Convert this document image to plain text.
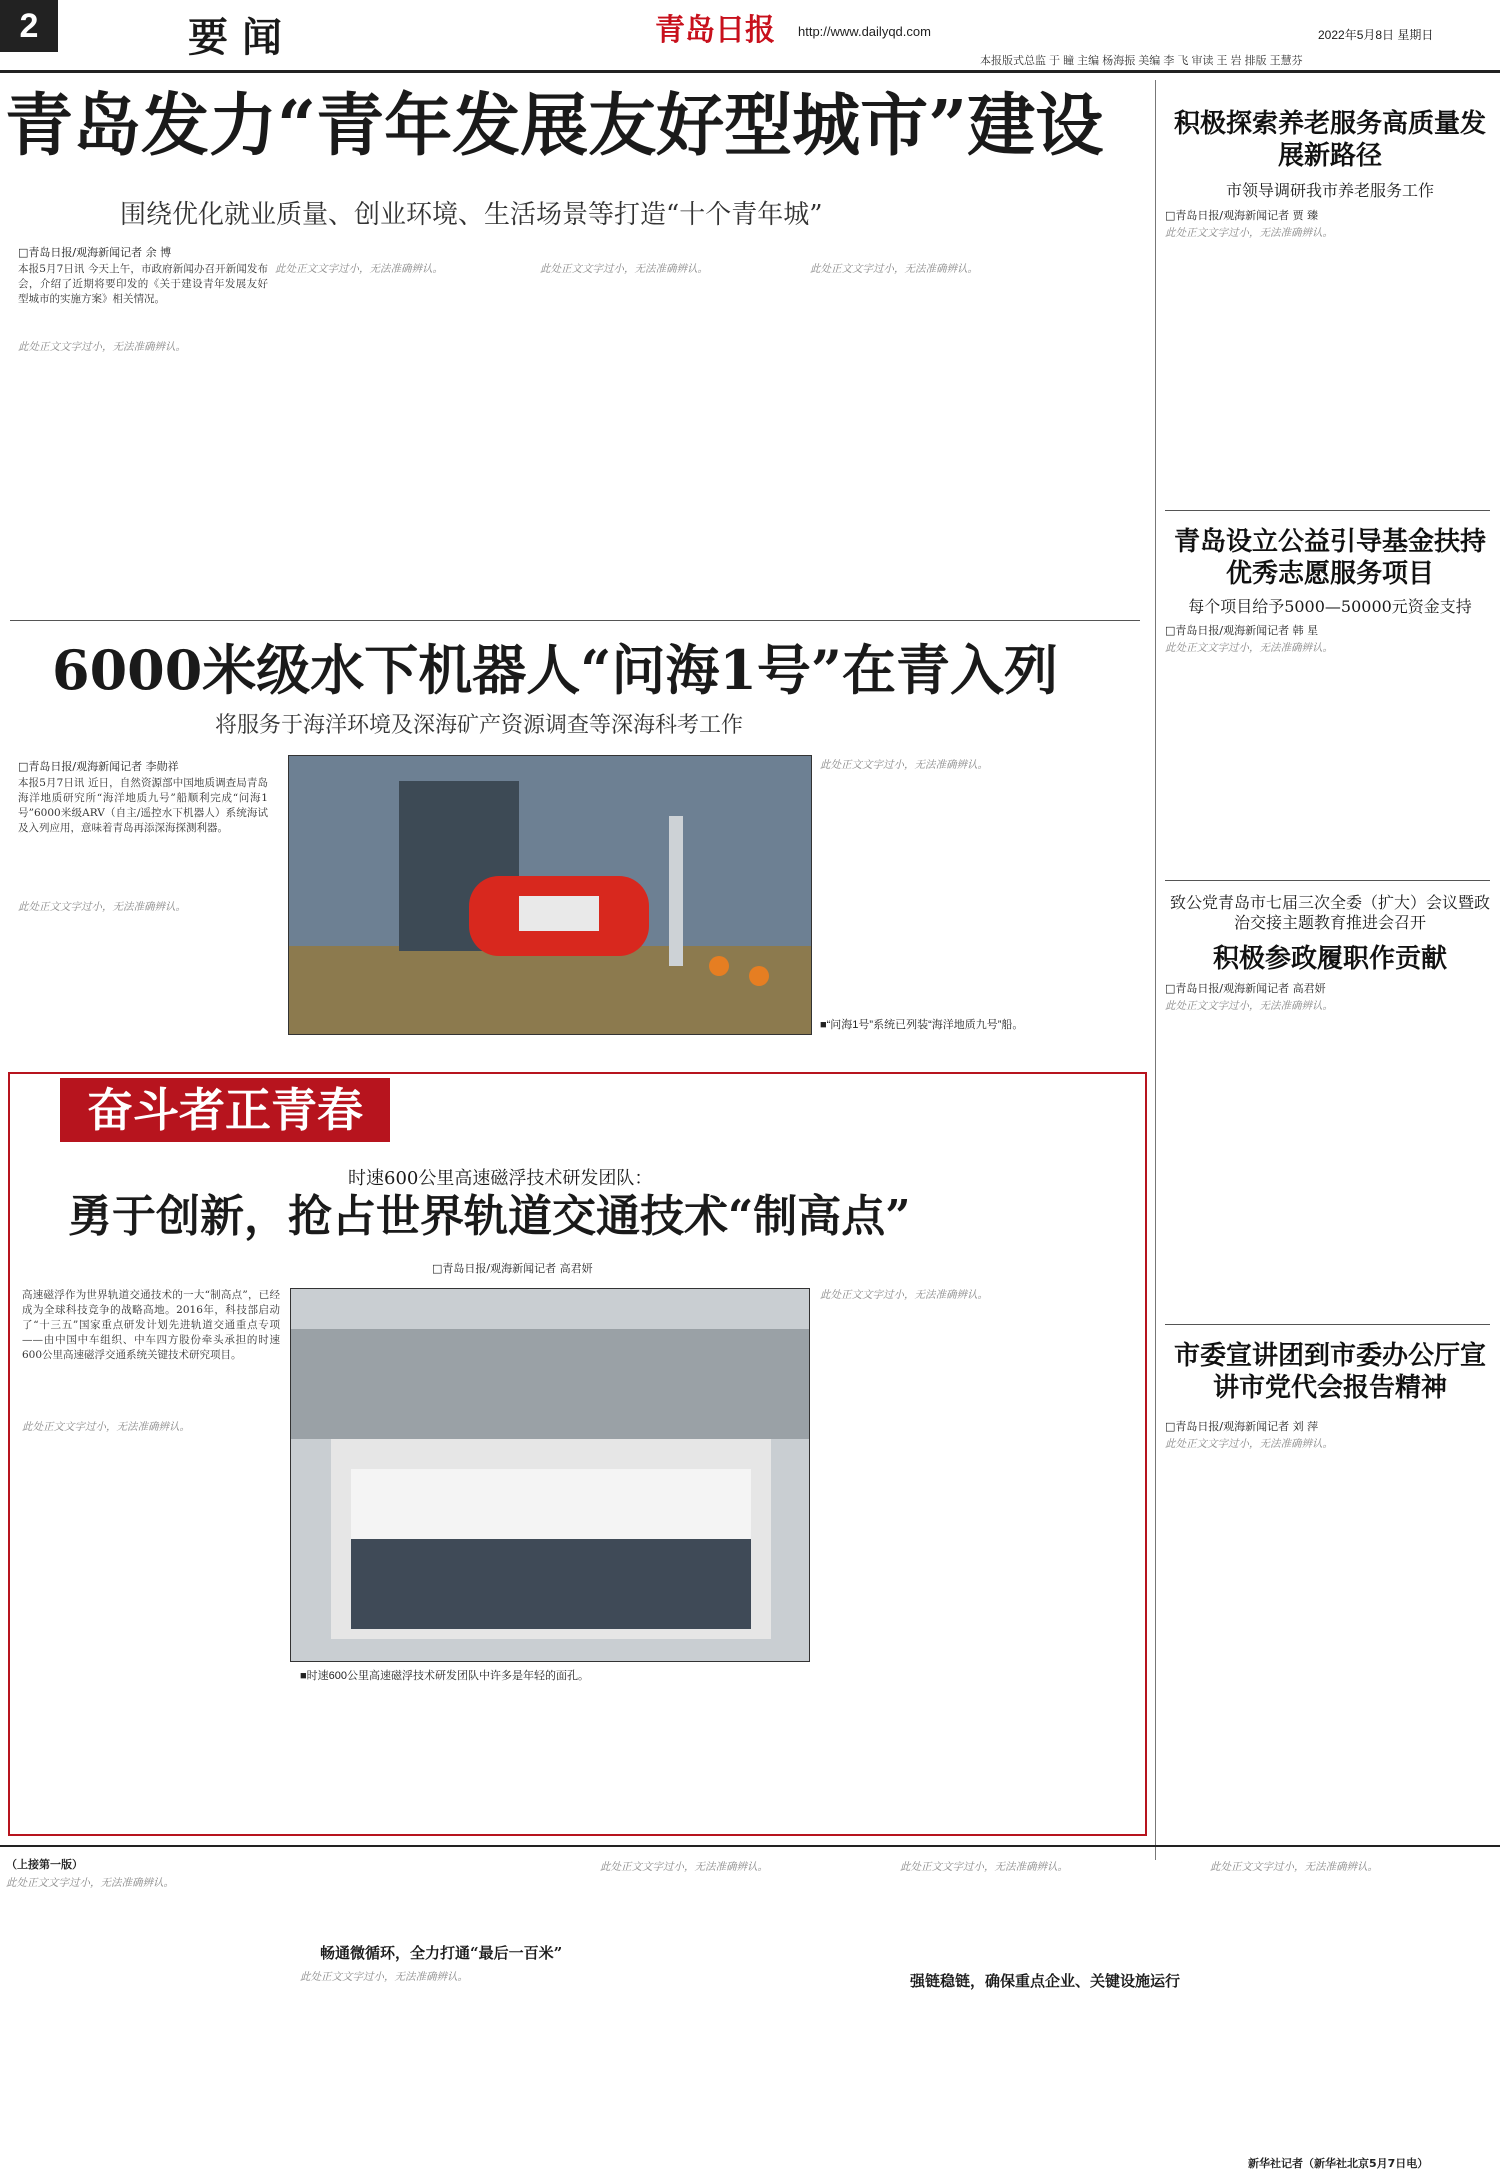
2	要闻	青岛日报 http://www.dailyqd.com	2022年5月8日 星期日
本报版式总监 于 瞳 主编 杨海振 美编 李 飞 审读 王 岩 排版 王慧芬
青岛发力“青年发展友好型城市”建设
围绕优化就业质量、创业环境、生活场景等打造“十个青年城”
□青岛日报/观海新闻记者 余 博

本报5月7日讯 今天上午，市政府新闻办召开新闻发布会，介绍了近期将要印发的《关于建设青年发展友好型城市的实施方案》相关情况。

此处正文文字过小，无法准确辨认。

此处正文文字过小，无法准确辨认。	此处正文文字过小，无法准确辨认。	此处正文文字过小，无法准确辨认。

6000米级水下机器人“问海1号”在青入列
将服务于海洋环境及深海矿产资源调查等深海科考工作
□青岛日报/观海新闻记者 李勋祥

本报5月7日讯 近日，自然资源部中国地质调查局青岛海洋地质研究所“海洋地质九号”船顺利完成“问海1号”6000米级ARV（自主/遥控水下机器人）系统海试及入列应用，意味着青岛再添深海探测利器。

此处正文文字过小，无法准确辨认。

此处正文文字过小，无法准确辨认。

■“问海1号”系统已列装“海洋地质九号”船。
奋斗者正青春
时速600公里高速磁浮技术研发团队：
勇于创新，抢占世界轨道交通技术“制高点”
□青岛日报/观海新闻记者 高君妍

高速磁浮作为世界轨道交通技术的一大“制高点”，已经成为全球科技竞争的战略高地。2016年，科技部启动了“十三五”国家重点研发计划先进轨道交通重点专项——由中国中车组织、中车四方股份牵头承担的时速600公里高速磁浮交通系统关键技术研究项目。

此处正文文字过小，无法准确辨认。

■时速600公里高速磁浮技术研发团队中许多是年轻的面孔。

此处正文文字过小，无法准确辨认。

积极探索养老服务高质量发展新路径
市领导调研我市养老服务工作
□青岛日报/观海新闻记者 贾 臻

此处正文文字过小，无法准确辨认。

青岛设立公益引导基金扶持优秀志愿服务项目
每个项目给予5000—50000元资金支持
□青岛日报/观海新闻记者 韩 星

此处正文文字过小，无法准确辨认。

致公党青岛市七届三次全委（扩大）会议暨政治交接主题教育推进会召开
积极参政履职作贡献
□青岛日报/观海新闻记者 高君妍

此处正文文字过小，无法准确辨认。

市委宣讲团到市委办公厅宣讲市党代会报告精神
□青岛日报/观海新闻记者 刘 萍

此处正文文字过小，无法准确辨认。

（上接第一版）

此处正文文字过小，无法准确辨认。

畅通微循环，全力打通“最后一百米”

此处正文文字过小，无法准确辨认。

此处正文文字过小，无法准确辨认。

强链稳链，确保重点企业、关键设施运行

此处正文文字过小，无法准确辨认。	此处正文文字过小，无法准确辨认。

新华社记者（新华社北京5月7日电）
